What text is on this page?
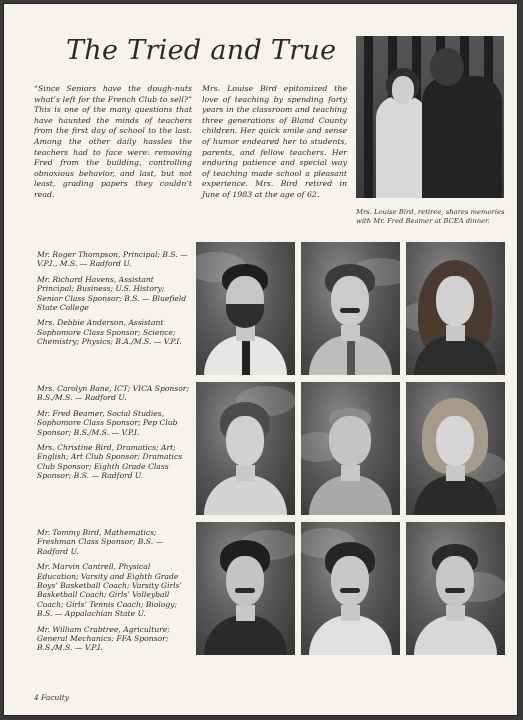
The Tried and True

“Since Seniors have the dough-nuts what’s left for the French Club to sell?” This is one of the many questions that have haunted the minds of teachers from the first day of school to the last. Among the other daily hassles the teachers had to face were: removing Fred from the building, controlling obnoxious behavior, and last, but not least, grading papers they couldn’t read.

Mrs. Louise Bird epitomized the love of teaching by spending forty years in the classroom and teaching three generations of Bland County children. Her quick smile and sense of humor endeared her to students, parents, and fellow teachers. Her enduring patience and special way of teaching made school a pleasant experience. Mrs. Bird retired in June of 1983 at the age of 62.

Mrs. Louise Bird, retiree, shares memories with Mr. Fred Beamer at BCEA dinner.

Mr. Roger Thompson, Principal; B.S. — V.P.I., M.S. — Radford U.

Mr. Richard Havens, Assistant Principal; Business; U.S. History; Senior Class Sponsor; B.S. — Bluefield State College

Mrs. Debbie Anderson, Assistant Sophomore Class Sponsor; Science; Chemistry; Physics; B.A./M.S. — V.P.I.

Mrs. Carolyn Bane, ICT; VICA Sponsor; B.S./M.S. — Radford U.

Mr. Fred Beamer, Social Studies, Sophomore Class Sponsor; Pep Club Sponsor; B.S./M.S. — V.P.I.

Mrs. Christine Bird, Dramatics; Art; English; Art Club Sponsor; Dramatics Club Sponsor; Eighth Grade Class Sponsor; B.S. — Radford U.

Mr. Tommy Bird, Mathematics; Freshman Class Sponsor; B.S. — Radford U.

Mr. Marvin Cantrell, Physical Education; Varsity and Eighth Grade Boys’ Basketball Coach; Varsity Girls’ Basketball Coach; Girls’ Volleyball Coach; Girls’ Tennis Coach; Biology; B.S. — Appalachian State U.

Mr. William Crabtree, Agriculture; General Mechanics; FFA Sponsor; B.S./M.S. — V.P.I.

4 Faculty
